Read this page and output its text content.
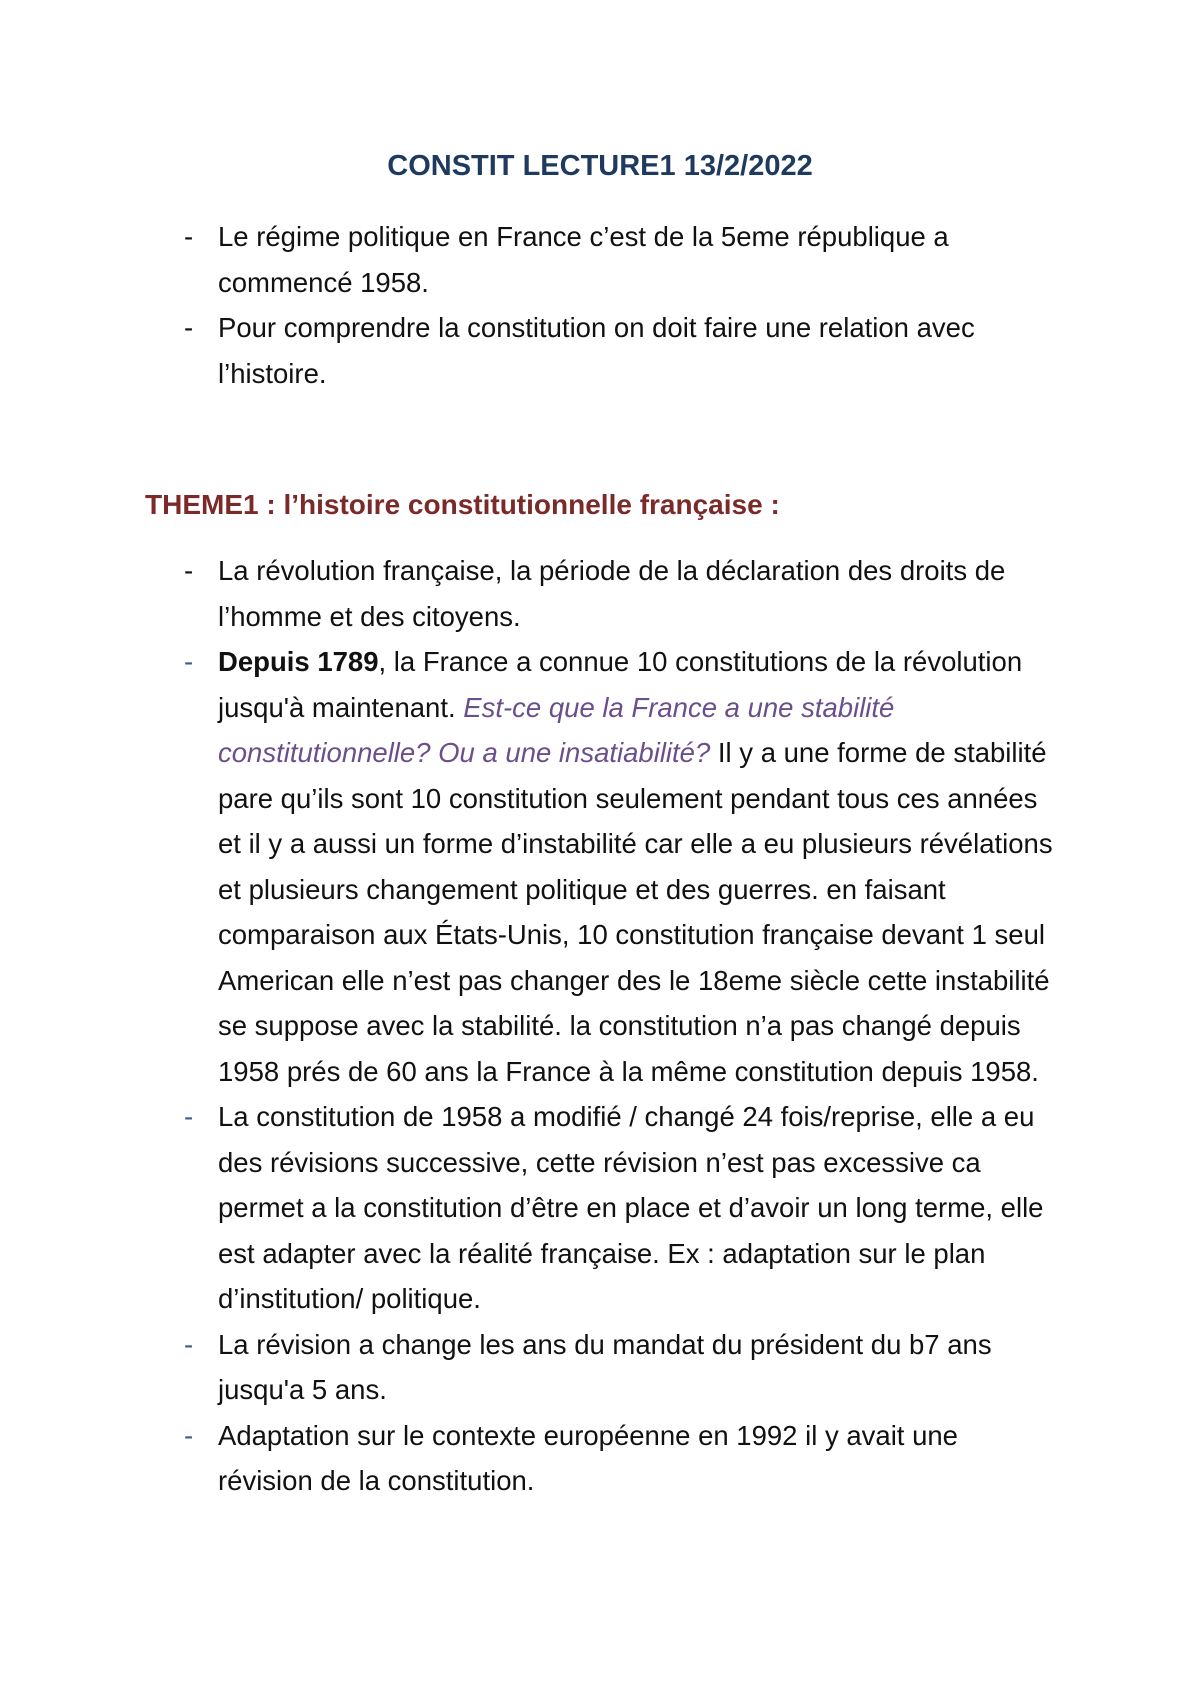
CONSTIT LECTURE1 13/2/2022
- Le régime politique en France c’est de la 5eme république a commencé 1958.
- Pour comprendre la constitution on doit faire une relation avec l’histoire.
THEME1 : l’histoire constitutionnelle française :
- La révolution française, la période de la déclaration des droits de l’homme et des citoyens.
- Depuis 1789, la France a connue 10 constitutions de la révolution jusqu'à maintenant. Est-ce que la France a une stabilité constitutionnelle? Ou a une insatiabilité? Il y a une forme de stabilité pare qu’ils sont 10 constitution seulement pendant tous ces années et il y a aussi un forme d’instabilité car elle a eu plusieurs révélations et plusieurs changement politique et des guerres. en faisant comparaison aux États-Unis, 10 constitution française devant 1 seul American elle n’est pas changer des le 18eme siècle cette instabilité se suppose avec la stabilité. la constitution n’a pas changé depuis 1958 prés de 60 ans la France à la même constitution depuis 1958.
- La constitution de 1958 a modifié / changé 24 fois/reprise, elle a eu des révisions successive, cette révision n’est pas excessive ca permet a la constitution d’être en place et d’avoir un long terme, elle est adapter avec la réalité française. Ex : adaptation sur le plan d’institution/ politique.
- La révision a change les ans du mandat du président du b7 ans jusqu'a 5 ans.
- Adaptation sur le contexte européenne en 1992 il y avait une révision de la constitution.
